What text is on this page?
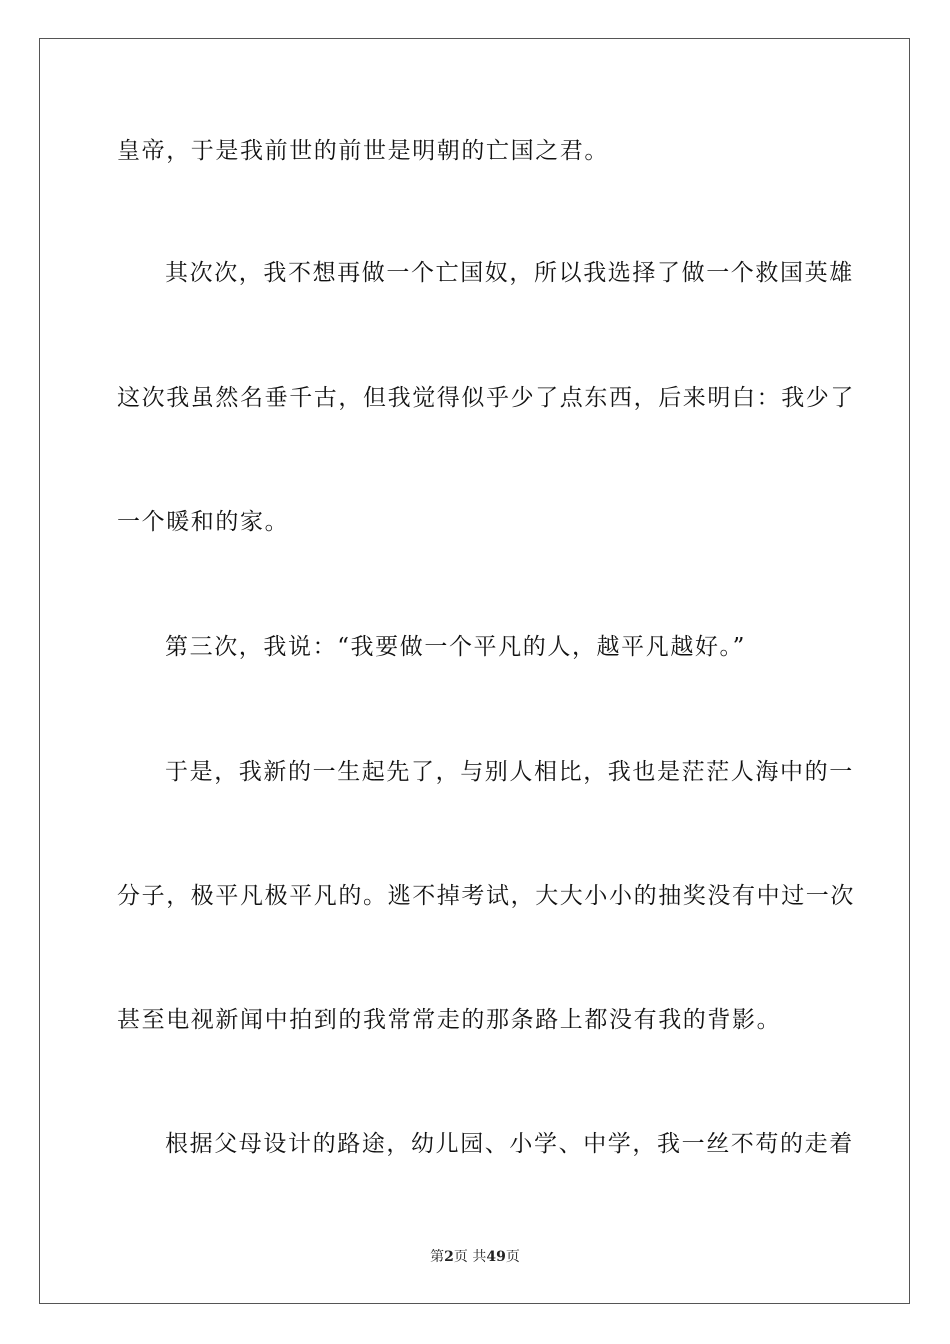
皇帝，于是我前世的前世是明朝的亡国之君。
其次次，我不想再做一个亡国奴，所以我选择了做一个救国英雄
这次我虽然名垂千古，但我觉得似乎少了点东西，后来明白：我少了
一个暖和的家。
第三次，我说：“我要做一个平凡的人，越平凡越好。”
于是，我新的一生起先了，与别人相比，我也是茫茫人海中的一
分子，极平凡极平凡的。逃不掉考试，大大小小的抽奖没有中过一次
甚至电视新闻中拍到的我常常走的那条路上都没有我的背影。
根据父母设计的路途，幼儿园、小学、中学，我一丝不苟的走着
第2页 共49页
